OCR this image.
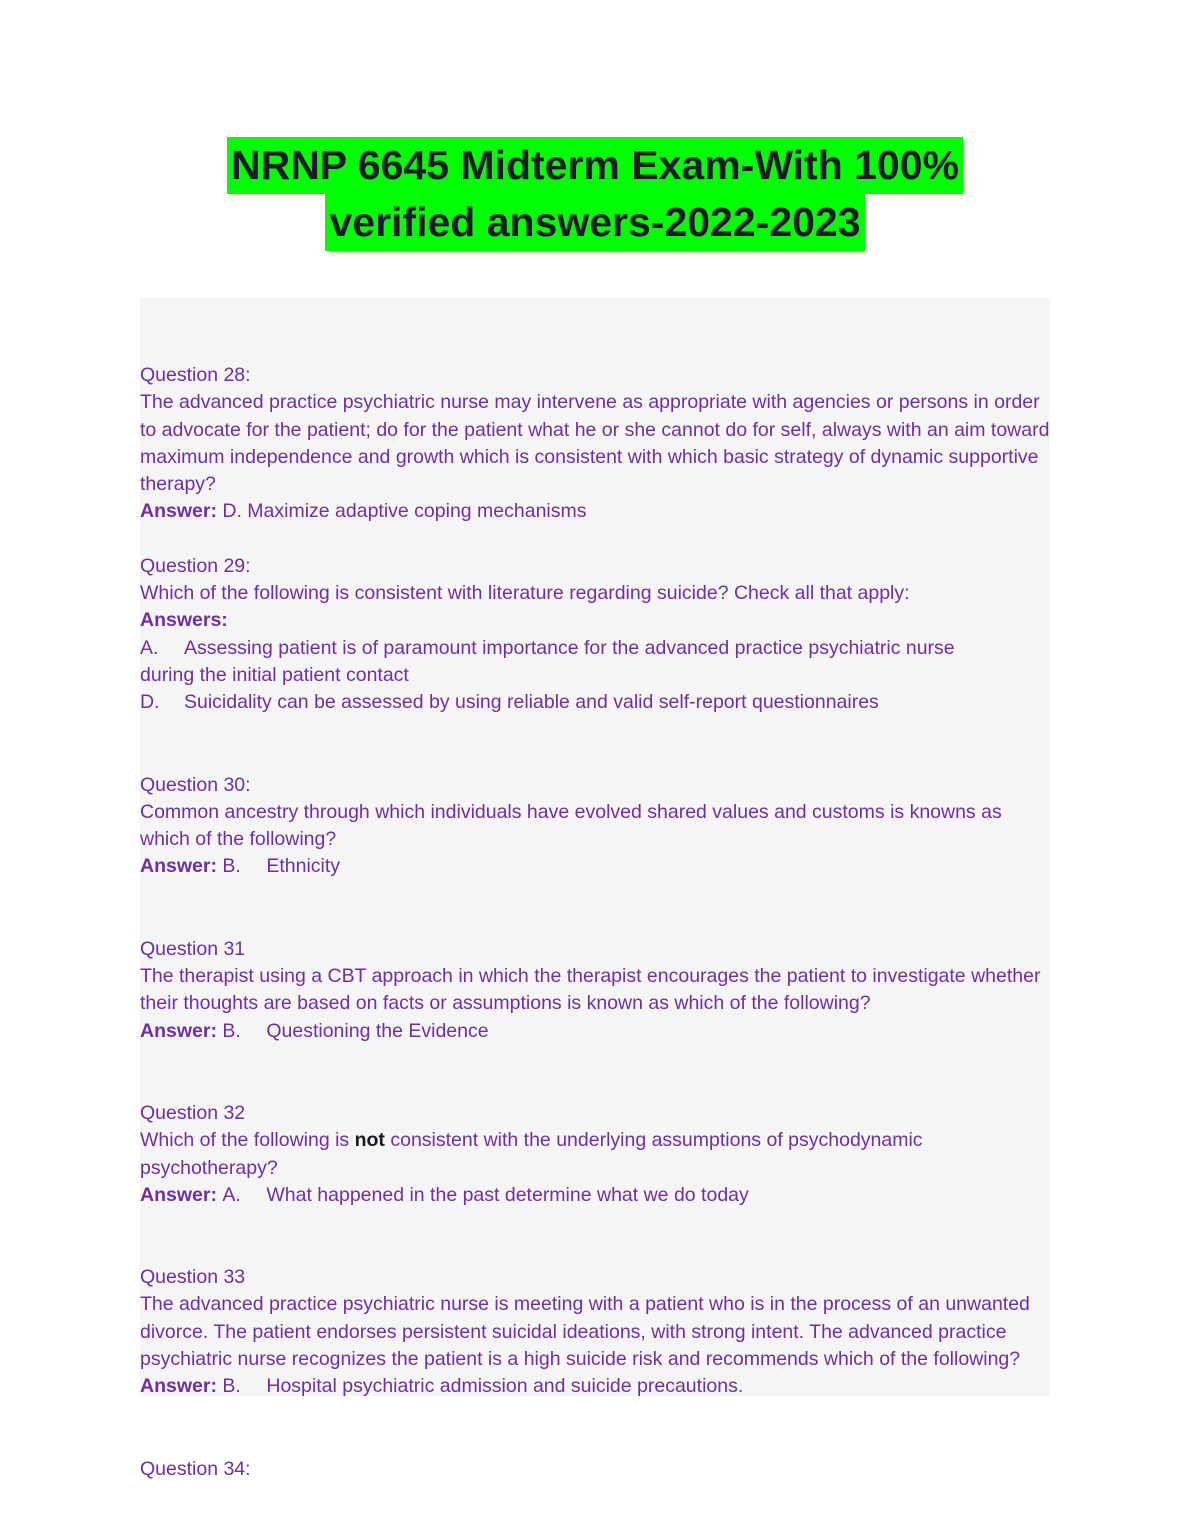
NRNP 6645 Midterm Exam-With 100%
verified answers-2022-2023

Question 28:

The advanced practice psychiatric nurse may intervene as appropriate with agencies or persons in order to advocate for the patient; do for the patient what he or she cannot do for self, always with an aim toward maximum independence and growth which is consistent with which basic strategy of dynamic supportive therapy?

Answer: D. Maximize adaptive coping mechanisms

Question 29:

Which of the following is consistent with literature regarding suicide? Check all that apply:

Answers:

A. Assessing patient is of paramount importance for the advanced practice psychiatric nurse

during the initial patient contact

D. Suicidality can be assessed by using reliable and valid self-report questionnaires

Question 30:

Common ancestry through which individuals have evolved shared values and customs is knowns as which of the following?

Answer: B. Ethnicity

Question 31

The therapist using a CBT approach in which the therapist encourages the patient to investigate whether their thoughts are based on facts or assumptions is known as which of the following?

Answer: B. Questioning the Evidence

Question 32

Which of the following is not consistent with the underlying assumptions of psychodynamic psychotherapy?

Answer: A. What happened in the past determine what we do today

Question 33

The advanced practice psychiatric nurse is meeting with a patient who is in the process of an unwanted divorce. The patient endorses persistent suicidal ideations, with strong intent. The advanced practice psychiatric nurse recognizes the patient is a high suicide risk and recommends which of the following?

Answer: B. Hospital psychiatric admission and suicide precautions.

Question 34:
